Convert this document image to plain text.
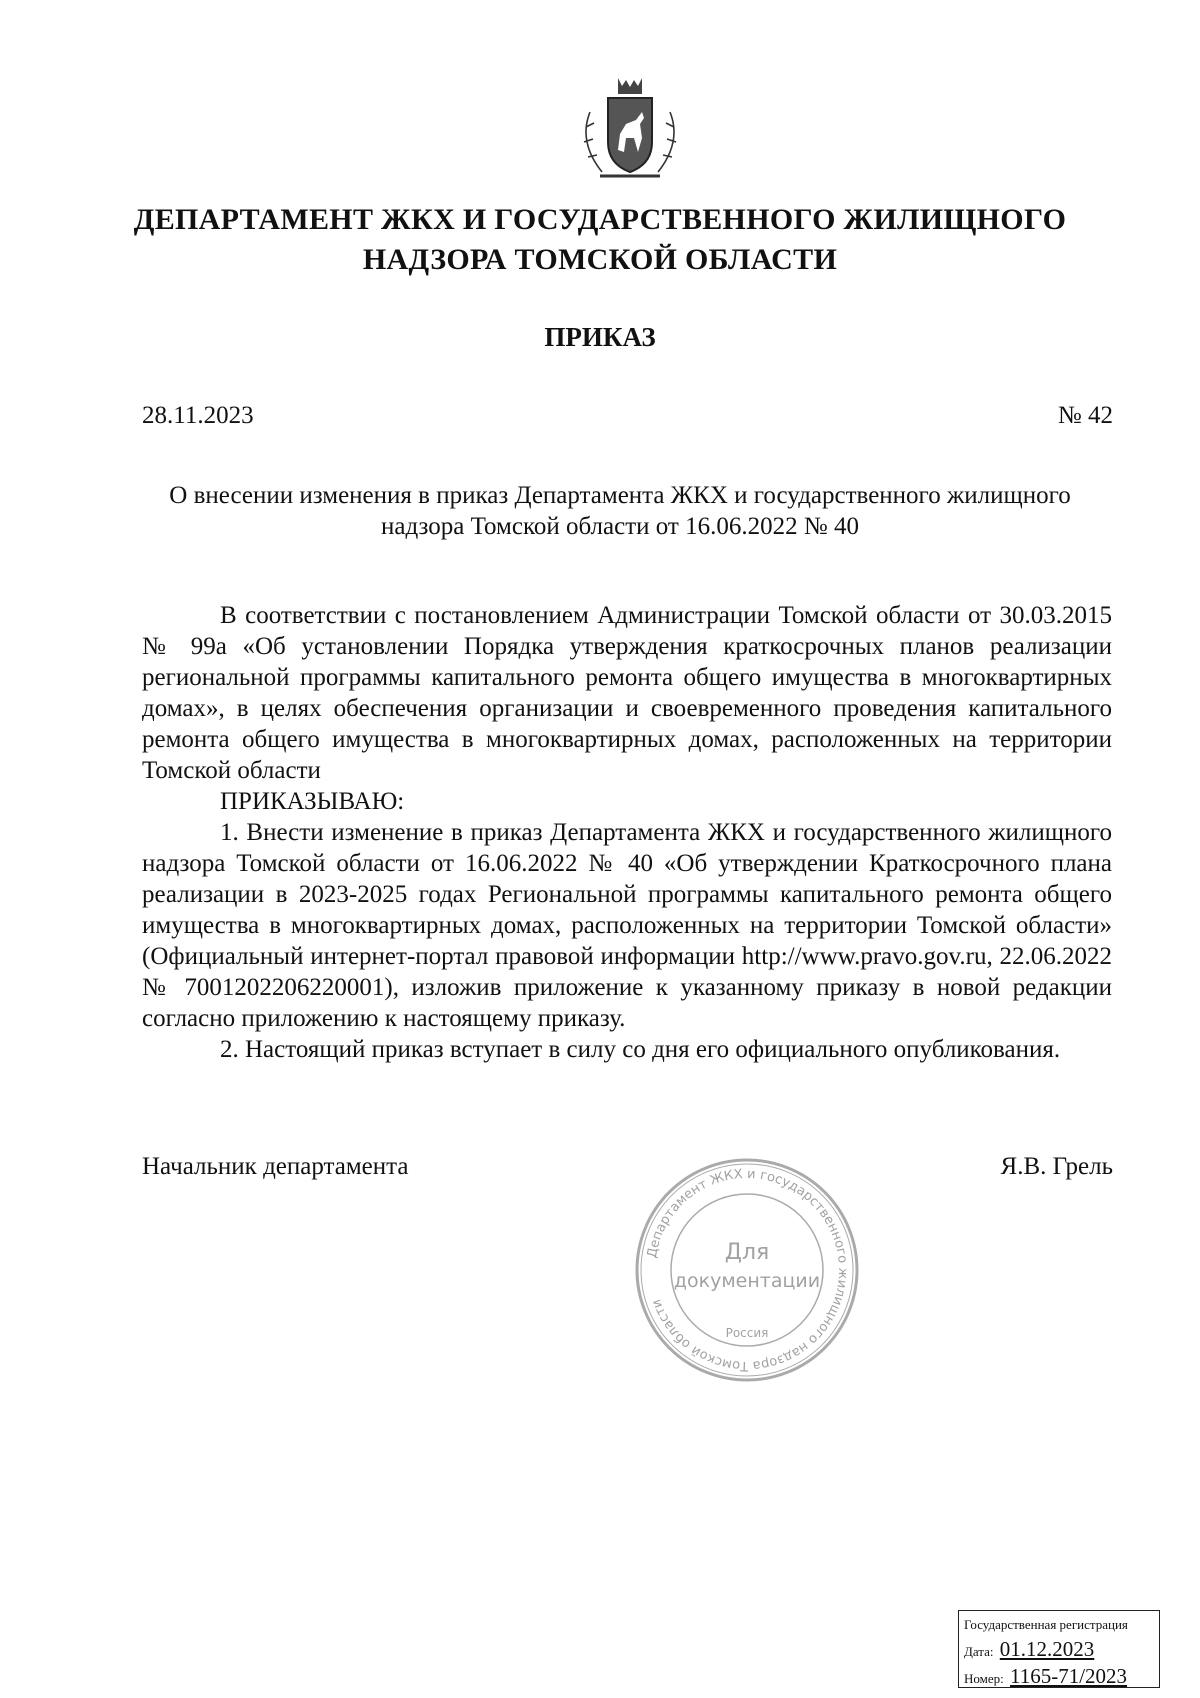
ДЕПАРТАМЕНТ ЖКХ И ГОСУДАРСТВЕННОГО ЖИЛИЩНОГО
НАДЗОРА ТОМСКОЙ ОБЛАСТИ
ПРИКАЗ
28.11.2023	№ 42
О внесении изменения в приказ Департамента ЖКХ и государственного жилищного
надзора Томской области от 16.06.2022 № 40

В соответствии с постановлением Администрации Томской области от 30.03.2015 № 99а «Об установлении Порядка утверждения краткосрочных планов реализации региональной программы капитального ремонта общего имущества в многоквартирных домах», в целях обеспечения организации и своевременного проведения капитального ремонта общего имущества в многоквартирных домах, расположенных на территории Томской области

ПРИКАЗЫВАЮ:

1. Внести изменение в приказ Департамента ЖКХ и государственного жилищного надзора Томской области от 16.06.2022 № 40 «Об утверждении Краткосрочного плана реализации в 2023-2025 годах Региональной программы капитального ремонта общего имущества в многоквартирных домах, расположенных на территории Томской области» (Официальный интернет-портал правовой информации http://www.pravo.gov.ru, 22.06.2022 № 7001202206220001), изложив приложение к указанному приказу в новой редакции согласно приложению к настоящему приказу.

2. Настоящий приказ вступает в силу со дня его официального опубликования.

Начальник департамента	Я.В. Грель
Департамент ЖКХ и государственного жилищного надзора Томской области
Для
документации
Россия
Государственная регистрация
Дата: 01.12.2023
Номер: 1165-71/2023
